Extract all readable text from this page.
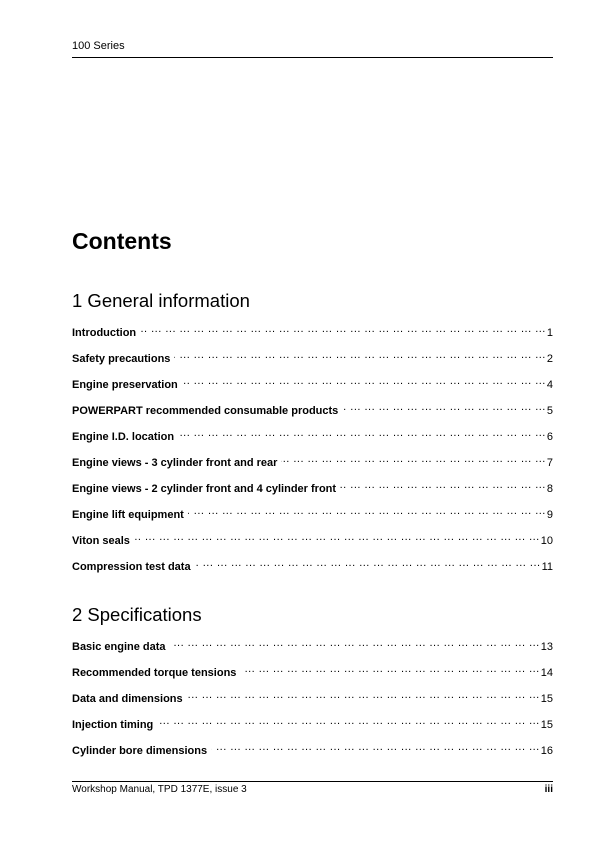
100 Series
Contents
1 General information
Introduction ... .	1
Safety precautions ... .	2
Engine preservation ... .	4
POWERPART recommended consumable products ... .	5
Engine I.D. location ... .	6
Engine views - 3 cylinder front and rear ... .	7
Engine views - 2 cylinder front and 4 cylinder front ... .	8
Engine lift equipment ... .	9
Viton seals ... .	10
Compression test data ... .	11
2 Specifications
Basic engine data ... .	13
Recommended torque tensions ... .	14
Data and dimensions ... .	15
Injection timing ... .	15
Cylinder bore dimensions ... .	16
Workshop Manual, TPD 1377E, issue 3	iii
